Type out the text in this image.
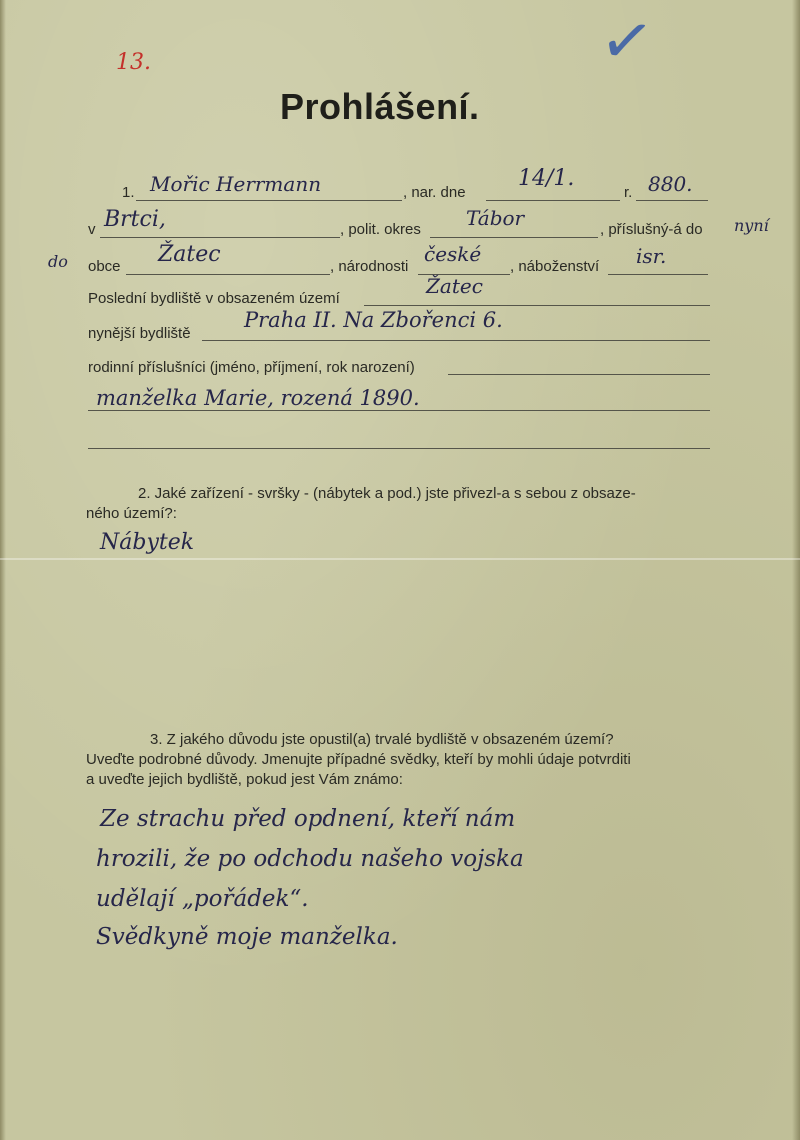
13.	✓
Prohlášení.
1. Mořic Herrmann	, nar. dne
14/1.
r. 880.
v Brtci,	, polit. okres Tábor	, příslušný-á do nyní
do obce Žatec	, národnosti
české
, náboženství isr.
Poslední bydliště v obsazeném území
Žatec
nynější bydliště
Praha II. Na Zbořenci 6.
rodinní příslušníci (jméno, příjmení, rok narození)
manželka Marie, rozená 1890.
2. Jaké zařízení - svršky - (nábytek a pod.) jste přivezl-a s sebou z obsaze-
ného území?:
Nábytek
3. Z jakého důvodu jste opustil(a) trvalé bydliště v obsazeném území?
Uveďte podrobné důvody. Jmenujte případné svědky, kteří by mohli údaje potvrditi
a uveďte jejich bydliště, pokud jest Vám známo:
Ze strachu před opdnení, kteří nám
hrozili, že po odchodu našeho vojska
udělají „pořádek“.
Svědkyně moje manželka.
